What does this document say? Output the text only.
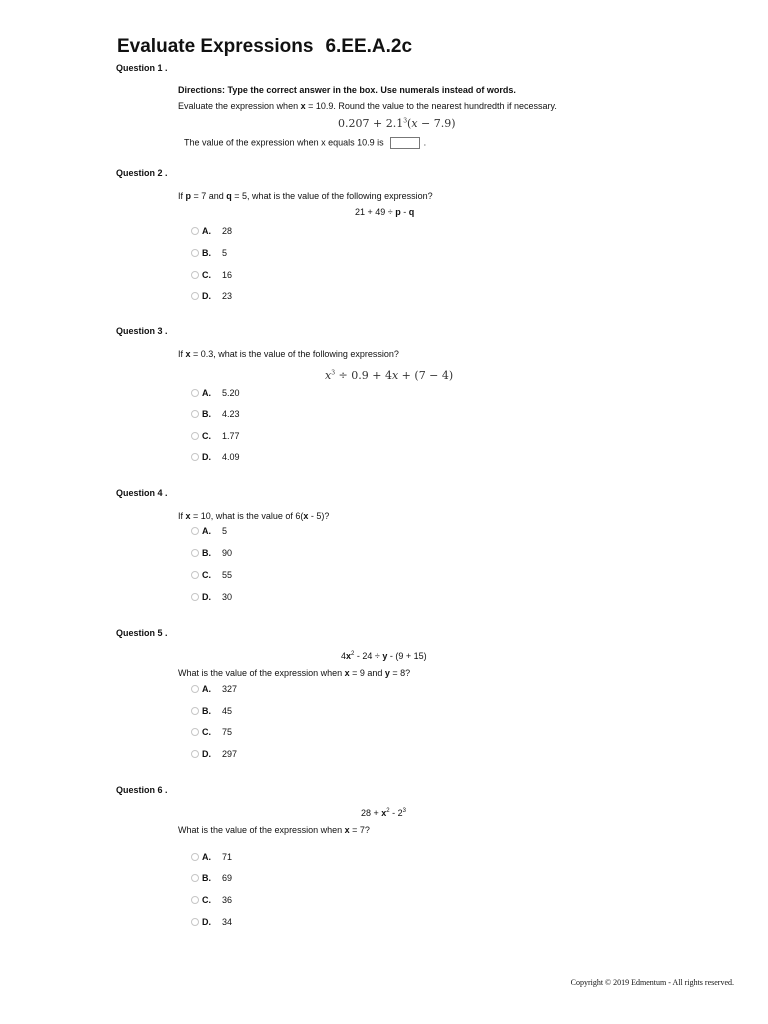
Evaluate Expressions 6.EE.A.2c
Question 1 .
Directions: Type the correct answer in the box. Use numerals instead of words.
Evaluate the expression when x = 10.9. Round the value to the nearest hundredth if necessary.
$0.207 + 2.1^3(x - 7.9)$
The value of the expression when x equals 10.9 is	.
Question 2 .
If p = 7 and q = 5, what is the value of the following expression?
21 + 49 ÷ p - q
A.	28
B.	5
C.	16
D.	23
Question 3 .
If x = 0.3, what is the value of the following expression?
$x^3 \div 0.9 + 4x + (7 - 4)$
A.	5.20
B.	4.23
C.	1.77
D.	4.09
Question 4 .
If x = 10, what is the value of 6(x - 5)?
A.	5
B.	90
C.	55
D.	30
Question 5 .
$4x^2 - 24 \div y - (9 + 15)$
What is the value of the expression when x = 9 and y = 8?
A.	327
B.	45
C.	75
D.	297
Question 6 .
$28 + x^2 - 2^3$
What is the value of the expression when x = 7?
A.	71
B.	69
C.	36
D.	34
Copyright © 2019 Edmentum - All rights reserved.
